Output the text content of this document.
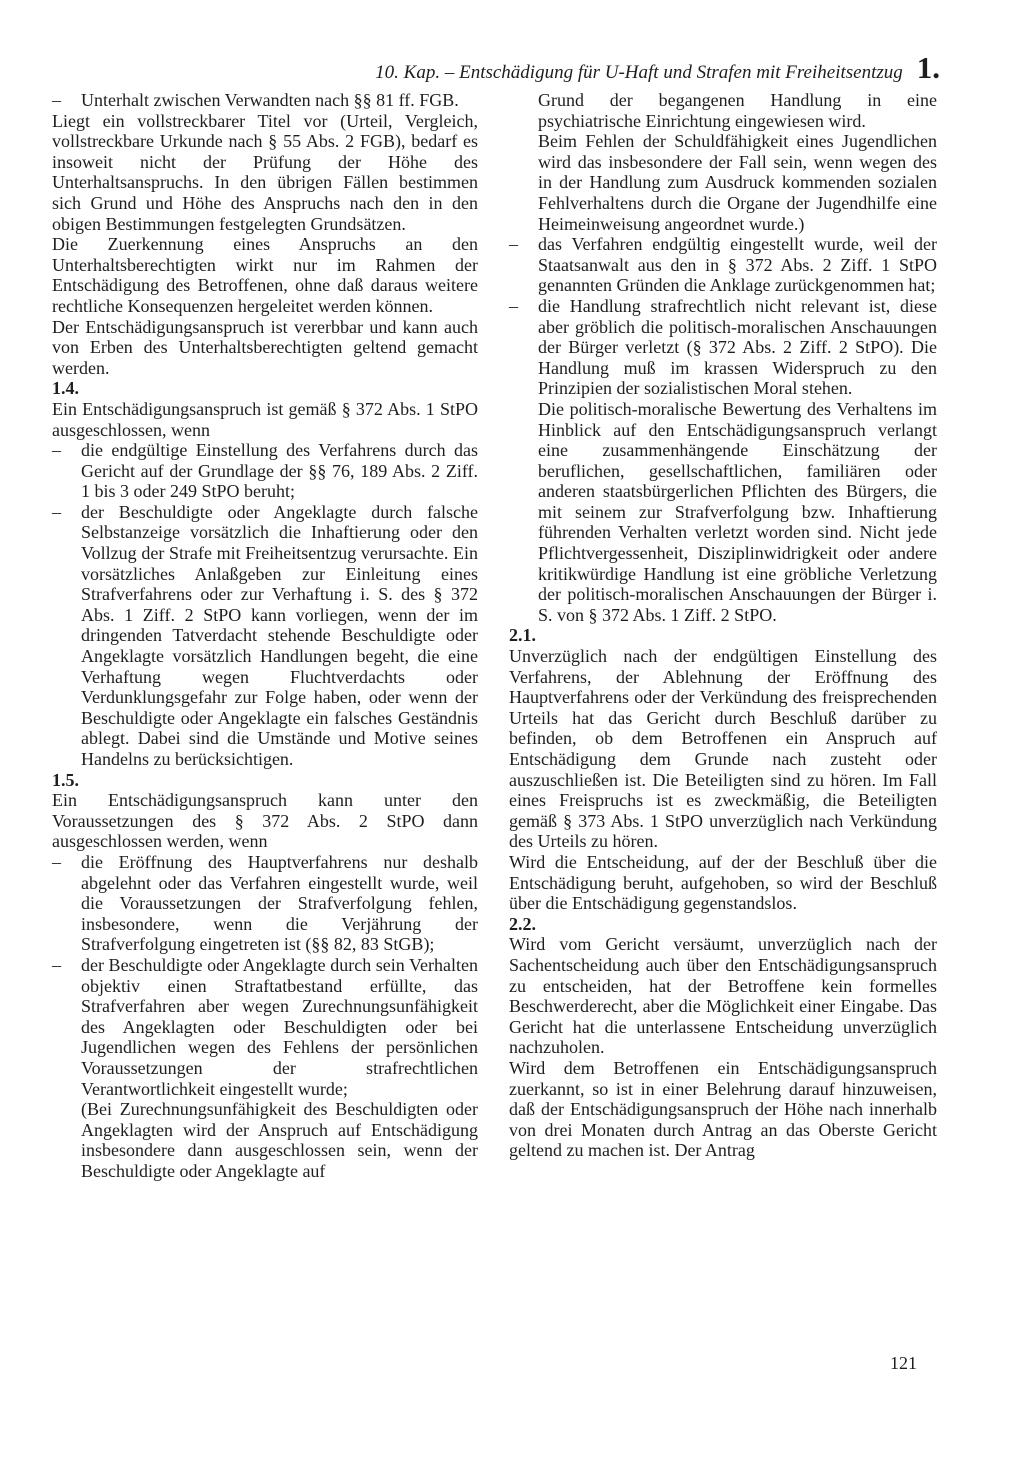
10. Kap. – Entschädigung für U-Haft und Strafen mit Freiheitsentzug 1.

– Unterhalt zwischen Verwandten nach §§ 81 ff. FGB.

Liegt ein vollstreckbarer Titel vor (Urteil, Vergleich, vollstreckbare Urkunde nach § 55 Abs. 2 FGB), bedarf es insoweit nicht der Prüfung der Höhe des Unterhaltsanspruchs. In den übrigen Fällen bestimmen sich Grund und Höhe des Anspruchs nach den in den obigen Bestimmungen festgelegten Grundsätzen.

Die Zuerkennung eines Anspruchs an den Unterhaltsberechtigten wirkt nur im Rahmen der Entschädigung des Betroffenen, ohne daß daraus weitere rechtliche Konsequenzen hergeleitet werden können.

Der Entschädigungsanspruch ist vererbbar und kann auch von Erben des Unterhaltsberechtigten geltend gemacht werden.

1.4.

Ein Entschädigungsanspruch ist gemäß § 372 Abs. 1 StPO ausgeschlossen, wenn

– die endgültige Einstellung des Verfahrens durch das Gericht auf der Grundlage der §§ 76, 189 Abs. 2 Ziff. 1 bis 3 oder 249 StPO beruht;

– der Beschuldigte oder Angeklagte durch falsche Selbstanzeige vorsätzlich die Inhaftierung oder den Vollzug der Strafe mit Freiheitsentzug verursachte. Ein vorsätzliches Anlaßgeben zur Einleitung eines Strafverfahrens oder zur Verhaftung i. S. des § 372 Abs. 1 Ziff. 2 StPO kann vorliegen, wenn der im dringenden Tatverdacht stehende Beschuldigte oder Angeklagte vorsätzlich Handlungen begeht, die eine Verhaftung wegen Fluchtverdachts oder Verdunklungsgefahr zur Folge haben, oder wenn der Beschuldigte oder Angeklagte ein falsches Geständnis ablegt. Dabei sind die Umstände und Motive seines Handelns zu berücksichtigen.

1.5.

Ein Entschädigungsanspruch kann unter den Voraussetzungen des § 372 Abs. 2 StPO dann ausgeschlossen werden, wenn

– die Eröffnung des Hauptverfahrens nur deshalb abgelehnt oder das Verfahren eingestellt wurde, weil die Voraussetzungen der Strafverfolgung fehlen, insbesondere, wenn die Verjährung der Strafverfolgung eingetreten ist (§§ 82, 83 StGB);

– der Beschuldigte oder Angeklagte durch sein Verhalten objektiv einen Straftatbestand erfüllte, das Strafverfahren aber wegen Zurechnungsunfähigkeit des Angeklagten oder Beschuldigten oder bei Jugendlichen wegen des Fehlens der persönlichen Voraussetzungen der strafrechtlichen Verantwortlichkeit eingestellt wurde;

(Bei Zurechnungsunfähigkeit des Beschuldigten oder Angeklagten wird der Anspruch auf Entschädigung insbesondere dann ausgeschlossen sein, wenn der Beschuldigte oder Angeklagte auf

Grund der begangenen Handlung in eine psychiatrische Einrichtung eingewiesen wird.

Beim Fehlen der Schuldfähigkeit eines Jugendlichen wird das insbesondere der Fall sein, wenn wegen des in der Handlung zum Ausdruck kommenden sozialen Fehlverhaltens durch die Organe der Jugendhilfe eine Heimeinweisung angeordnet wurde.)

– das Verfahren endgültig eingestellt wurde, weil der Staatsanwalt aus den in § 372 Abs. 2 Ziff. 1 StPO genannten Gründen die Anklage zurückgenommen hat;

– die Handlung strafrechtlich nicht relevant ist, diese aber gröblich die politisch-moralischen Anschauungen der Bürger verletzt (§ 372 Abs. 2 Ziff. 2 StPO). Die Handlung muß im krassen Widerspruch zu den Prinzipien der sozialistischen Moral stehen.

Die politisch-moralische Bewertung des Verhaltens im Hinblick auf den Entschädigungsanspruch verlangt eine zusammenhängende Einschätzung der beruflichen, gesellschaftlichen, familiären oder anderen staatsbürgerlichen Pflichten des Bürgers, die mit seinem zur Strafverfolgung bzw. Inhaftierung führenden Verhalten verletzt worden sind. Nicht jede Pflichtvergessenheit, Disziplinwidrigkeit oder andere kritikwürdige Handlung ist eine gröbliche Verletzung der politisch-moralischen Anschauungen der Bürger i. S. von § 372 Abs. 1 Ziff. 2 StPO.

2.1.

Unverzüglich nach der endgültigen Einstellung des Verfahrens, der Ablehnung der Eröffnung des Hauptverfahrens oder der Verkündung des freisprechenden Urteils hat das Gericht durch Beschluß darüber zu befinden, ob dem Betroffenen ein Anspruch auf Entschädigung dem Grunde nach zusteht oder auszuschließen ist. Die Beteiligten sind zu hören. Im Fall eines Freispruchs ist es zweckmäßig, die Beteiligten gemäß § 373 Abs. 1 StPO unverzüglich nach Verkündung des Urteils zu hören.

Wird die Entscheidung, auf der der Beschluß über die Entschädigung beruht, aufgehoben, so wird der Beschluß über die Entschädigung gegenstandslos.

2.2.

Wird vom Gericht versäumt, unverzüglich nach der Sachentscheidung auch über den Entschädigungsanspruch zu entscheiden, hat der Betroffene kein formelles Beschwerderecht, aber die Möglichkeit einer Eingabe. Das Gericht hat die unterlassene Entscheidung unverzüglich nachzuholen.

Wird dem Betroffenen ein Entschädigungsanspruch zuerkannt, so ist in einer Belehrung darauf hinzuweisen, daß der Entschädigungsanspruch der Höhe nach innerhalb von drei Monaten durch Antrag an das Oberste Gericht geltend zu machen ist. Der Antrag

121
